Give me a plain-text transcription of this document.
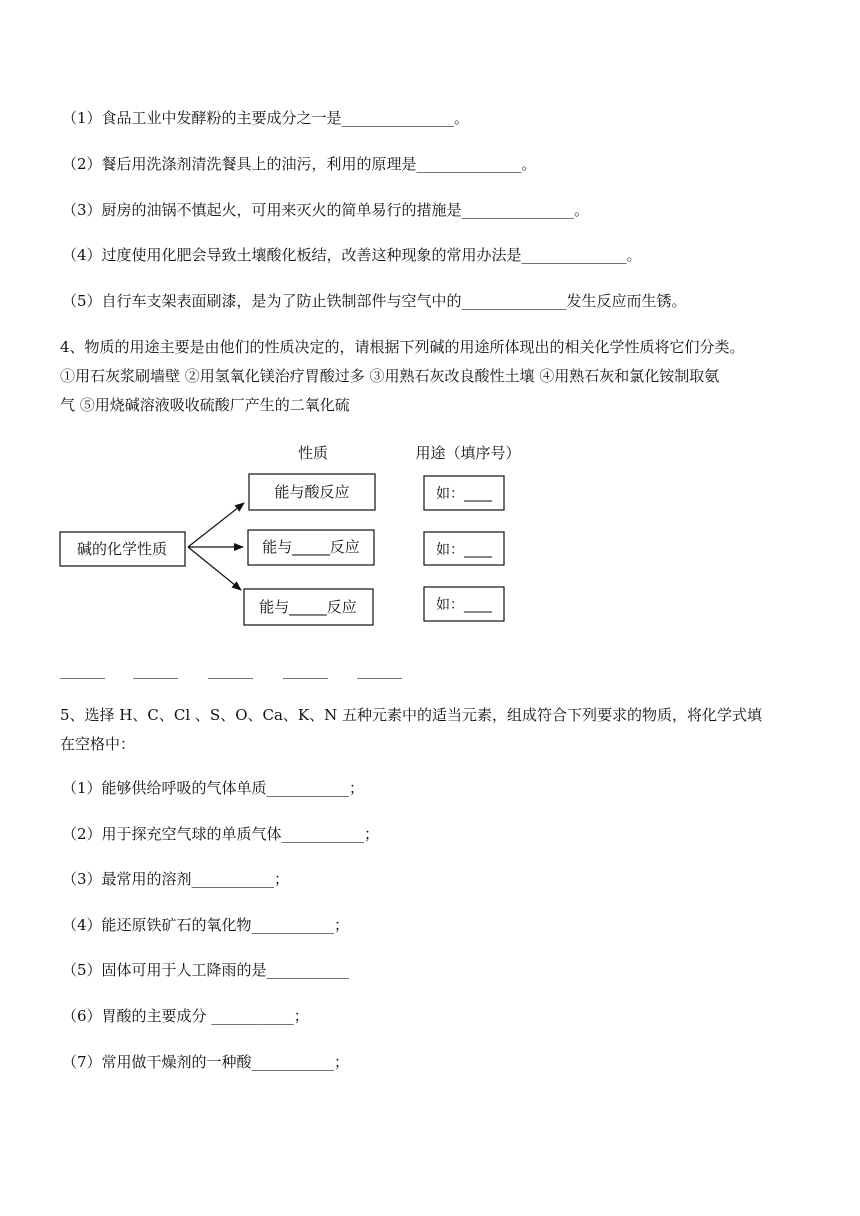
（1）食品工业中发酵粉的主要成分之一是_______________。
（2）餐后用洗涤剂清洗餐具上的油污，利用的原理是______________。
（3）厨房的油锅不慎起火，可用来灭火的简单易行的措施是_______________。
（4）过度使用化肥会导致土壤酸化板结，改善这种现象的常用办法是______________。
（5）自行车支架表面刷漆，是为了防止铁制部件与空气中的______________发生反应而生锈。
4、物质的用途主要是由他们的性质决定的，请根据下列碱的用途所体现出的相关化学性质将它们分类。
①用石灰浆刷墙壁 ②用氢氧化镁治疗胃酸过多 ③用熟石灰改良酸性土壤 ④用熟石灰和氯化铵制取氨
气 ⑤用烧碱溶液吸收硫酸厂产生的二氧化硫
性质	用途（填序号）
碱的化学性质
能与酸反应
能与_____反应
能与_____反应
如：____
如：____
如：____
______ ______ ______ ______ ______
5、选择 H、C、Cl 、S、O、Ca、K、N 五种元素中的适当元素，组成符合下列要求的物质，将化学式填
在空格中：
（1）能够供给呼吸的气体单质___________；
（2）用于探充空气球的单质气体___________；
（3）最常用的溶剂___________；
（4）能还原铁矿石的氧化物___________；
（5）固体可用于人工降雨的是___________
（6）胃酸的主要成分 ___________；
（7）常用做干燥剂的一种酸___________；
